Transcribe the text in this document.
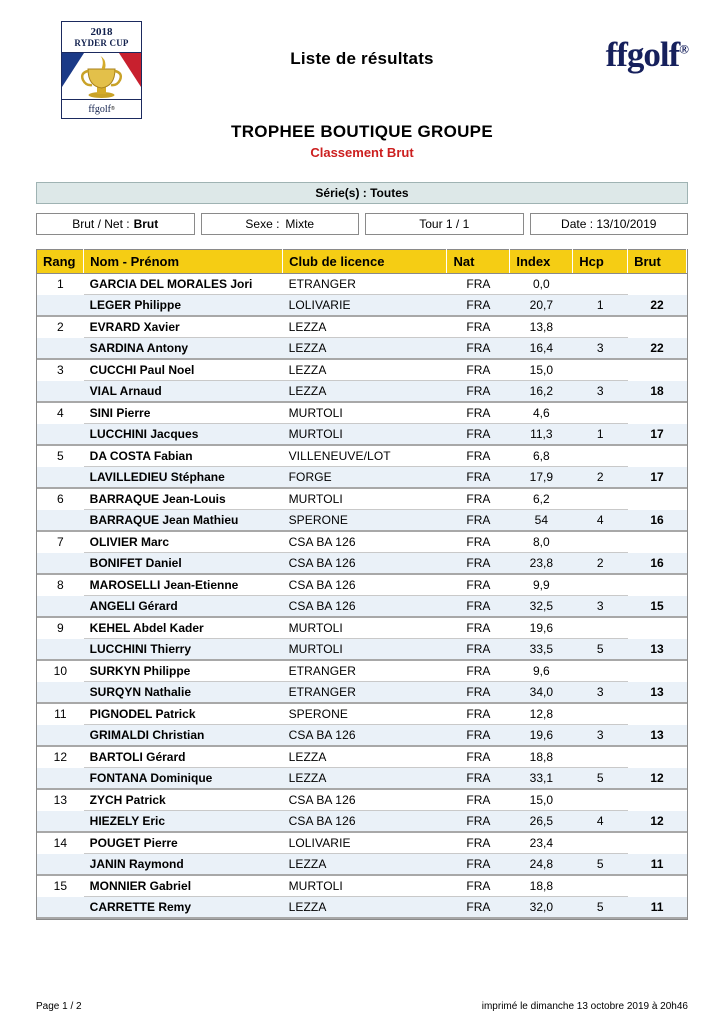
2018
RYDER CUP
ffgolf ®
Liste de résultats	ffgolf®
TROPHEE BOUTIQUE GROUPE
Classement Brut
Série(s) : Toutes
Brut / Net : Brut	Sexe : Mixte	Tour 1 / 1	Date : 13/10/2019
Rang	Nom - Prénom	Club de licence	Nat	Index	Hcp	Brut
1	GARCIA DEL MORALES Jori	ETRANGER	FRA	0,0		
	LEGER Philippe	LOLIVARIE	FRA	20,7	1	22
2	EVRARD Xavier	LEZZA	FRA	13,8		
	SARDINA Antony	LEZZA	FRA	16,4	3	22
3	CUCCHI Paul Noel	LEZZA	FRA	15,0		
	VIAL Arnaud	LEZZA	FRA	16,2	3	18
4	SINI Pierre	MURTOLI	FRA	4,6		
	LUCCHINI Jacques	MURTOLI	FRA	11,3	1	17
5	DA COSTA Fabian	VILLENEUVE/LOT	FRA	6,8		
	LAVILLEDIEU Stéphane	FORGE	FRA	17,9	2	17
6	BARRAQUE Jean-Louis	MURTOLI	FRA	6,2		
	BARRAQUE Jean Mathieu	SPERONE	FRA	54	4	16
7	OLIVIER Marc	CSA BA 126	FRA	8,0		
	BONIFET Daniel	CSA BA 126	FRA	23,8	2	16
8	MAROSELLI Jean-Etienne	CSA BA 126	FRA	9,9		
	ANGELI Gérard	CSA BA 126	FRA	32,5	3	15
9	KEHEL Abdel Kader	MURTOLI	FRA	19,6		
	LUCCHINI Thierry	MURTOLI	FRA	33,5	5	13
10	SURKYN Philippe	ETRANGER	FRA	9,6		
	SURQYN Nathalie	ETRANGER	FRA	34,0	3	13
11	PIGNODEL Patrick	SPERONE	FRA	12,8		
	GRIMALDI Christian	CSA BA 126	FRA	19,6	3	13
12	BARTOLI Gérard	LEZZA	FRA	18,8		
	FONTANA Dominique	LEZZA	FRA	33,1	5	12
13	ZYCH Patrick	CSA BA 126	FRA	15,0		
	HIEZELY Eric	CSA BA 126	FRA	26,5	4	12
14	POUGET Pierre	LOLIVARIE	FRA	23,4		
	JANIN Raymond	LEZZA	FRA	24,8	5	11
15	MONNIER Gabriel	MURTOLI	FRA	18,8		
	CARRETTE Remy	LEZZA	FRA	32,0	5	11
Page 1 / 2	imprimé le dimanche 13 octobre 2019 à 20h46
